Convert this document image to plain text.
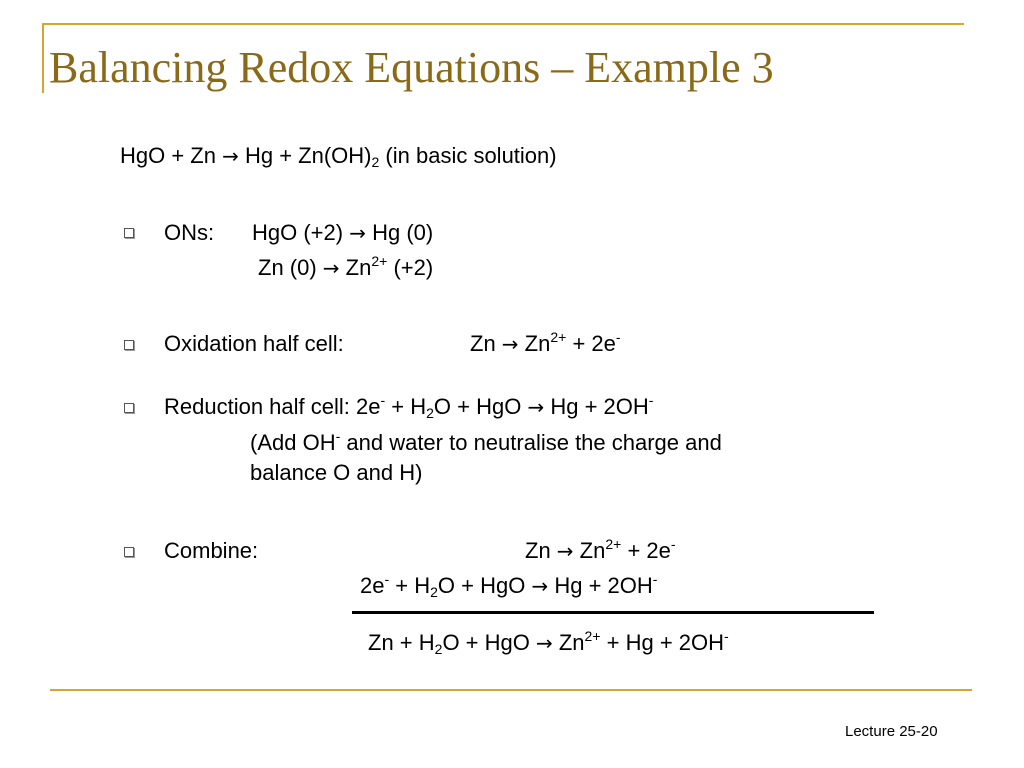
Balancing Redox Equations – Example 3
HgO + $Zn \to Hg + Zn(OH)_2$ (in basic solution)
ONs: HgO (+2) → Hg (0)
Zn $(0) \to Zn^{2+}$ (+2)
Oxidation half cell:	$Zn \to Zn^{2+} + 2e^-$
Reduction half cell: $2e^- + H_2O$ + HgO → Hg + 2OH-
(Add OH- and water to neutralise the charge and
balance O and H)
Combine:	$Zn \to Zn^{2+} + 2e^-$
$2e^- + H_2O$ + HgO → Hg + 2OH-
$Zn + H_2O$ + HgO → $Zn^{2+} + Hg + 2OH^-$
Lecture 25-20
